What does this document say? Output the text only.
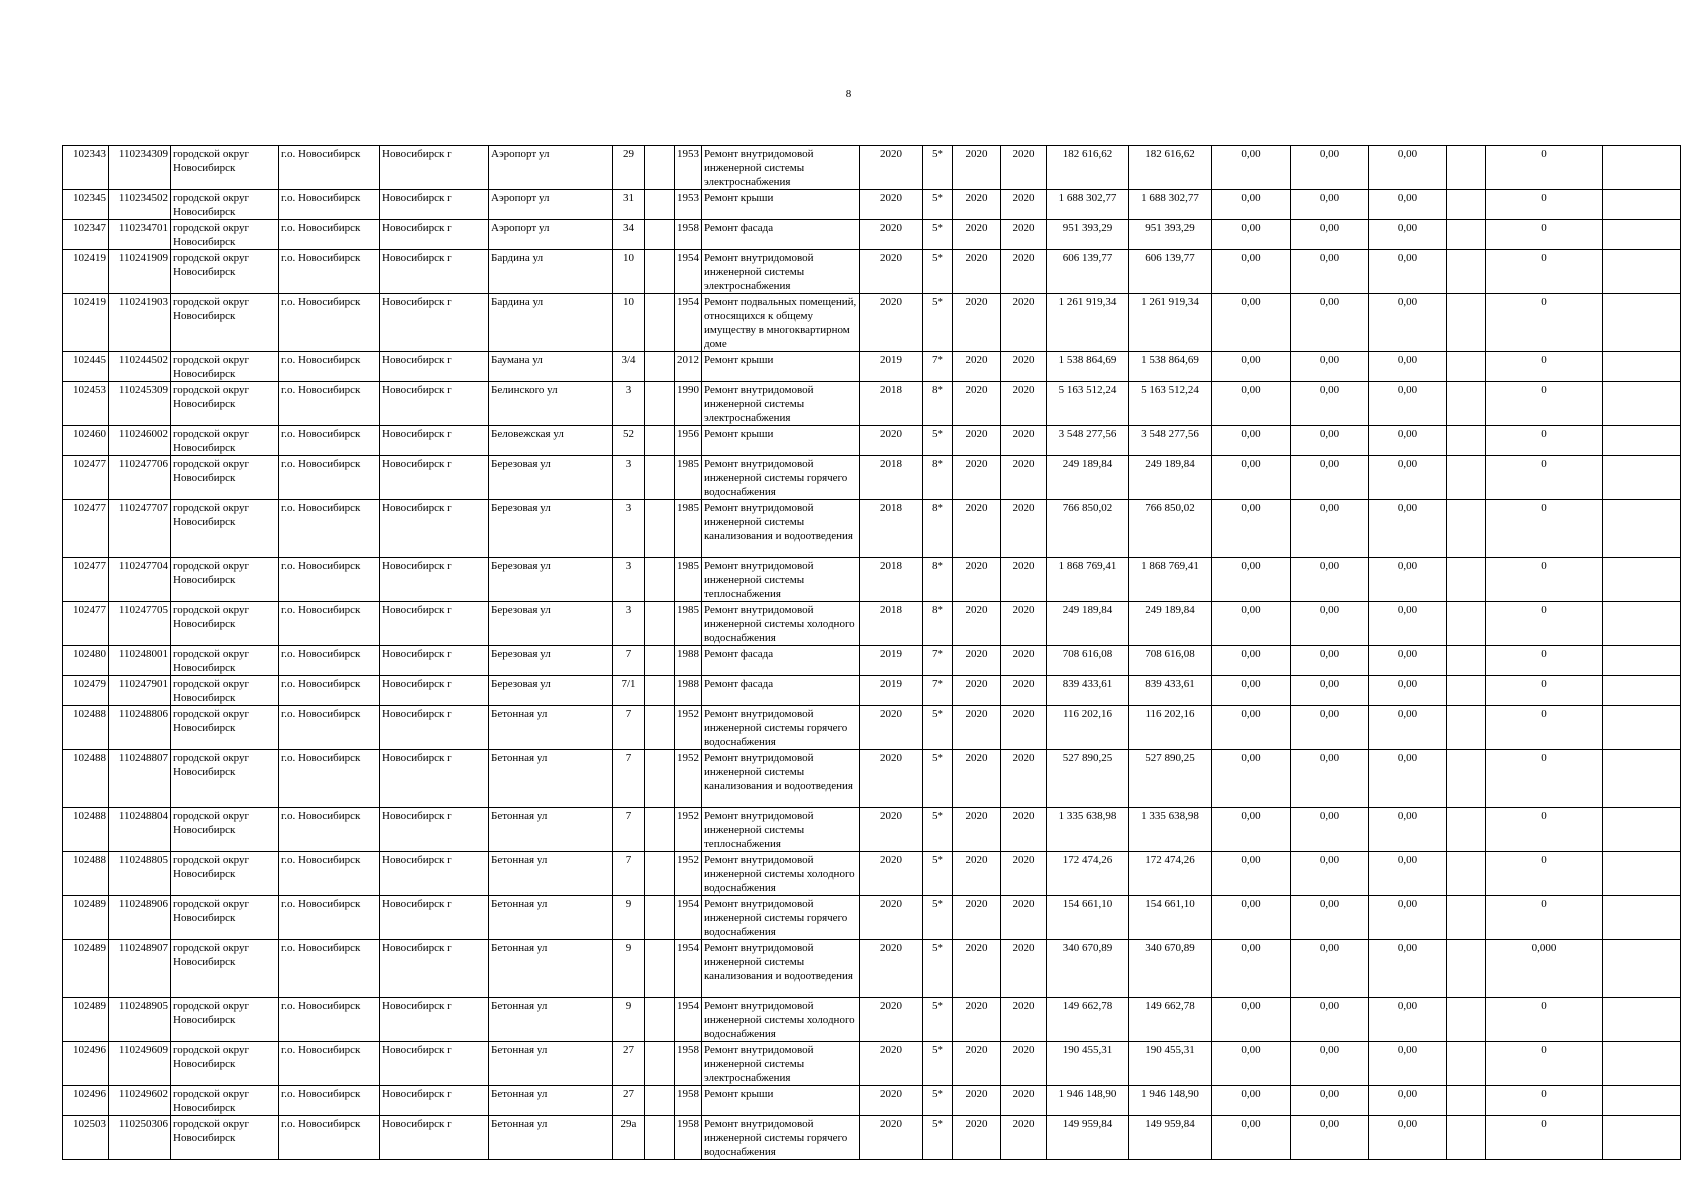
8
102343	110234309	городской округ Новосибирск	г.о. Новосибирск	Новосибирск г	Аэропорт ул	29		1953	Ремонт внутридомовой инженерной системы электроснабжения	2020	5*	2020	2020	182 616,62	182 616,62	0,00	0,00	0,00		0	
102345	110234502	городской округ Новосибирск	г.о. Новосибирск	Новосибирск г	Аэропорт ул	31		1953	Ремонт крыши	2020	5*	2020	2020	1 688 302,77	1 688 302,77	0,00	0,00	0,00		0	
102347	110234701	городской округ Новосибирск	г.о. Новосибирск	Новосибирск г	Аэропорт ул	34		1958	Ремонт фасада	2020	5*	2020	2020	951 393,29	951 393,29	0,00	0,00	0,00		0	
102419	110241909	городской округ Новосибирск	г.о. Новосибирск	Новосибирск г	Бардина ул	10		1954	Ремонт внутридомовой инженерной системы электроснабжения	2020	5*	2020	2020	606 139,77	606 139,77	0,00	0,00	0,00		0	
102419	110241903	городской округ Новосибирск	г.о. Новосибирск	Новосибирск г	Бардина ул	10		1954	Ремонт подвальных помещений, относящихся к общему имуществу в многоквартирном доме	2020	5*	2020	2020	1 261 919,34	1 261 919,34	0,00	0,00	0,00		0	
102445	110244502	городской округ Новосибирск	г.о. Новосибирск	Новосибирск г	Баумана ул	3/4		2012	Ремонт крыши	2019	7*	2020	2020	1 538 864,69	1 538 864,69	0,00	0,00	0,00		0	
102453	110245309	городской округ Новосибирск	г.о. Новосибирск	Новосибирск г	Белинского ул	3		1990	Ремонт внутридомовой инженерной системы электроснабжения	2018	8*	2020	2020	5 163 512,24	5 163 512,24	0,00	0,00	0,00		0	
102460	110246002	городской округ Новосибирск	г.о. Новосибирск	Новосибирск г	Беловежская ул	52		1956	Ремонт крыши	2020	5*	2020	2020	3 548 277,56	3 548 277,56	0,00	0,00	0,00		0	
102477	110247706	городской округ Новосибирск	г.о. Новосибирск	Новосибирск г	Березовая ул	3		1985	Ремонт внутридомовой инженерной системы горячего водоснабжения	2018	8*	2020	2020	249 189,84	249 189,84	0,00	0,00	0,00		0	
102477	110247707	городской округ Новосибирск	г.о. Новосибирск	Новосибирск г	Березовая ул	3		1985	Ремонт внутридомовой инженерной системы канализования и водоотведения	2018	8*	2020	2020	766 850,02	766 850,02	0,00	0,00	0,00		0	
102477	110247704	городской округ Новосибирск	г.о. Новосибирск	Новосибирск г	Березовая ул	3		1985	Ремонт внутридомовой инженерной системы теплоснабжения	2018	8*	2020	2020	1 868 769,41	1 868 769,41	0,00	0,00	0,00		0	
102477	110247705	городской округ Новосибирск	г.о. Новосибирск	Новосибирск г	Березовая ул	3		1985	Ремонт внутридомовой инженерной системы холодного водоснабжения	2018	8*	2020	2020	249 189,84	249 189,84	0,00	0,00	0,00		0	
102480	110248001	городской округ Новосибирск	г.о. Новосибирск	Новосибирск г	Березовая ул	7		1988	Ремонт фасада	2019	7*	2020	2020	708 616,08	708 616,08	0,00	0,00	0,00		0	
102479	110247901	городской округ Новосибирск	г.о. Новосибирск	Новосибирск г	Березовая ул	7/1		1988	Ремонт фасада	2019	7*	2020	2020	839 433,61	839 433,61	0,00	0,00	0,00		0	
102488	110248806	городской округ Новосибирск	г.о. Новосибирск	Новосибирск г	Бетонная ул	7		1952	Ремонт внутридомовой инженерной системы горячего водоснабжения	2020	5*	2020	2020	116 202,16	116 202,16	0,00	0,00	0,00		0	
102488	110248807	городской округ Новосибирск	г.о. Новосибирск	Новосибирск г	Бетонная ул	7		1952	Ремонт внутридомовой инженерной системы канализования и водоотведения	2020	5*	2020	2020	527 890,25	527 890,25	0,00	0,00	0,00		0	
102488	110248804	городской округ Новосибирск	г.о. Новосибирск	Новосибирск г	Бетонная ул	7		1952	Ремонт внутридомовой инженерной системы теплоснабжения	2020	5*	2020	2020	1 335 638,98	1 335 638,98	0,00	0,00	0,00		0	
102488	110248805	городской округ Новосибирск	г.о. Новосибирск	Новосибирск г	Бетонная ул	7		1952	Ремонт внутридомовой инженерной системы холодного водоснабжения	2020	5*	2020	2020	172 474,26	172 474,26	0,00	0,00	0,00		0	
102489	110248906	городской округ Новосибирск	г.о. Новосибирск	Новосибирск г	Бетонная ул	9		1954	Ремонт внутридомовой инженерной системы горячего водоснабжения	2020	5*	2020	2020	154 661,10	154 661,10	0,00	0,00	0,00		0	
102489	110248907	городской округ Новосибирск	г.о. Новосибирск	Новосибирск г	Бетонная ул	9		1954	Ремонт внутридомовой инженерной системы канализования и водоотведения	2020	5*	2020	2020	340 670,89	340 670,89	0,00	0,00	0,00		0,000	
102489	110248905	городской округ Новосибирск	г.о. Новосибирск	Новосибирск г	Бетонная ул	9		1954	Ремонт внутридомовой инженерной системы холодного водоснабжения	2020	5*	2020	2020	149 662,78	149 662,78	0,00	0,00	0,00		0	
102496	110249609	городской округ Новосибирск	г.о. Новосибирск	Новосибирск г	Бетонная ул	27		1958	Ремонт внутридомовой инженерной системы электроснабжения	2020	5*	2020	2020	190 455,31	190 455,31	0,00	0,00	0,00		0	
102496	110249602	городской округ Новосибирск	г.о. Новосибирск	Новосибирск г	Бетонная ул	27		1958	Ремонт крыши	2020	5*	2020	2020	1 946 148,90	1 946 148,90	0,00	0,00	0,00		0	
102503	110250306	городской округ Новосибирск	г.о. Новосибирск	Новосибирск г	Бетонная ул	29а		1958	Ремонт внутридомовой инженерной системы горячего водоснабжения	2020	5*	2020	2020	149 959,84	149 959,84	0,00	0,00	0,00		0	
